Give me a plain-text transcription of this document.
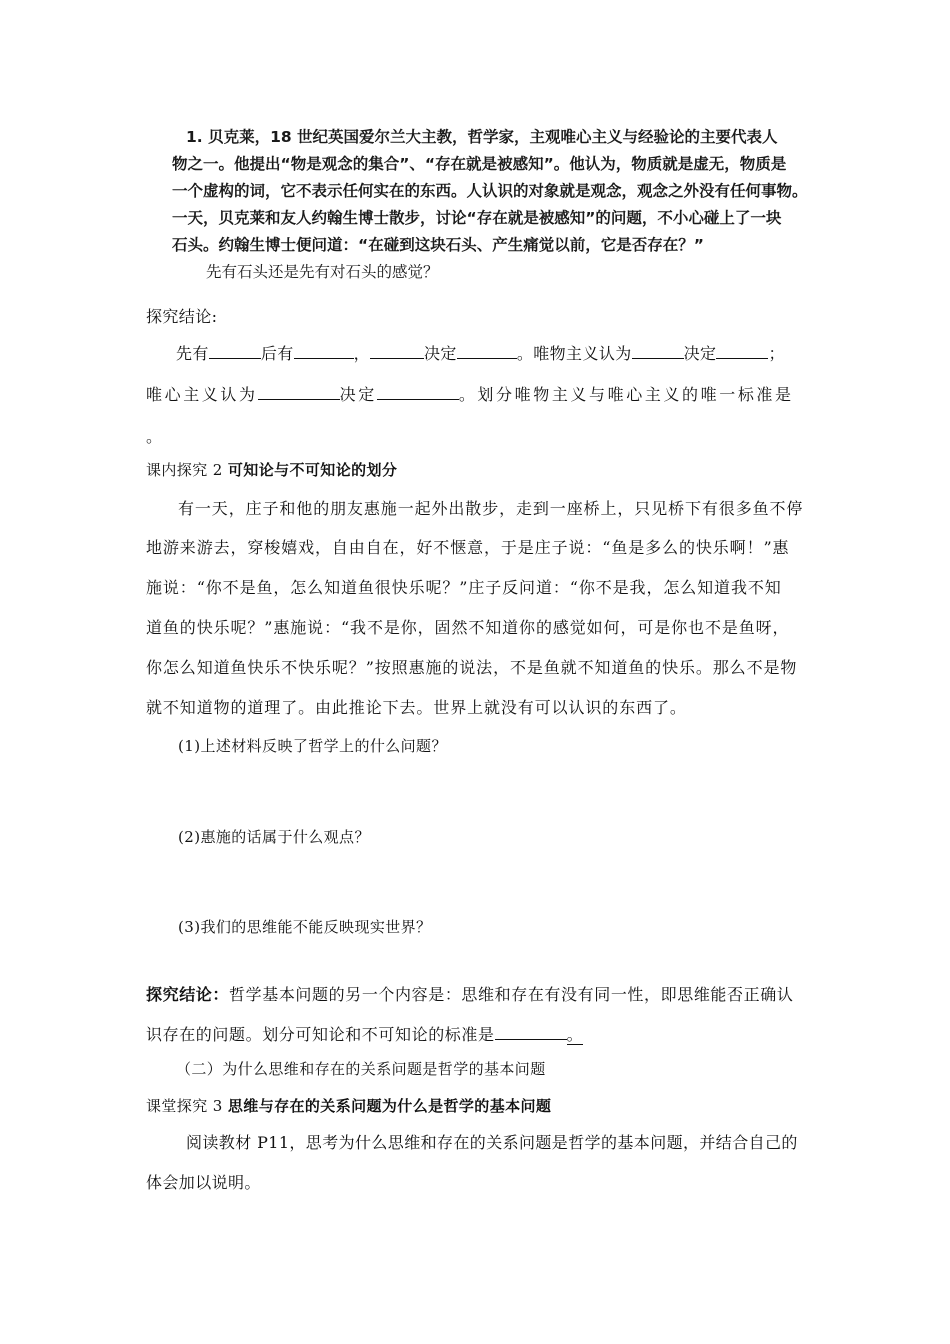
1. 贝克莱，18 世纪英国爱尔兰大主教，哲学家，主观唯心主义与经验论的主要代表人
物之一。他提出“物是观念的集合”、“存在就是被感知”。他认为，物质就是虚无，物质是
一个虚构的词，它不表示任何实在的东西。人认识的对象就是观念，观念之外没有任何事物。
一天，贝克莱和友人约翰生博士散步，讨论“存在就是被感知”的问题，不小心碰上了一块
石头。约翰生博士便问道：“在碰到这块石头、产生痛觉以前，它是否存在？”
先有石头还是先有对石头的感觉？
探究结论:
先有	后有	，	决定	。唯物主义认为	决定	；
唯心主义认为	决定	。划分唯物主义与唯心主义的唯一标准是
。
课内探究 2 可知论与不可知论的划分
有一天，庄子和他的朋友惠施一起外出散步，走到一座桥上，只见桥下有很多鱼不停
地游来游去，穿梭嬉戏，自由自在，好不惬意，于是庄子说：“鱼是多么的快乐啊！”惠
施说：“你不是鱼，怎么知道鱼很快乐呢？”庄子反问道：“你不是我，怎么知道我不知
道鱼的快乐呢？”惠施说：“我不是你，固然不知道你的感觉如何，可是你也不是鱼呀，
你怎么知道鱼快乐不快乐呢？”按照惠施的说法，不是鱼就不知道鱼的快乐。那么不是物
就不知道物的道理了。由此推论下去。世界上就没有可以认识的东西了。
(1)上述材料反映了哲学上的什么问题？
(2)惠施的话属于什么观点？
(3)我们的思维能不能反映现实世界？
探究结论：哲学基本问题的另一个内容是：思维和存在有没有同一性，即思维能否正确认
识存在的问题。划分可知论和不可知论的标准是	。
（二）为什么思维和存在的关系问题是哲学的基本问题
课堂探究 3 思维与存在的关系问题为什么是哲学的基本问题
阅读教材 P11，思考为什么思维和存在的关系问题是哲学的基本问题，并结合自己的
体会加以说明。
